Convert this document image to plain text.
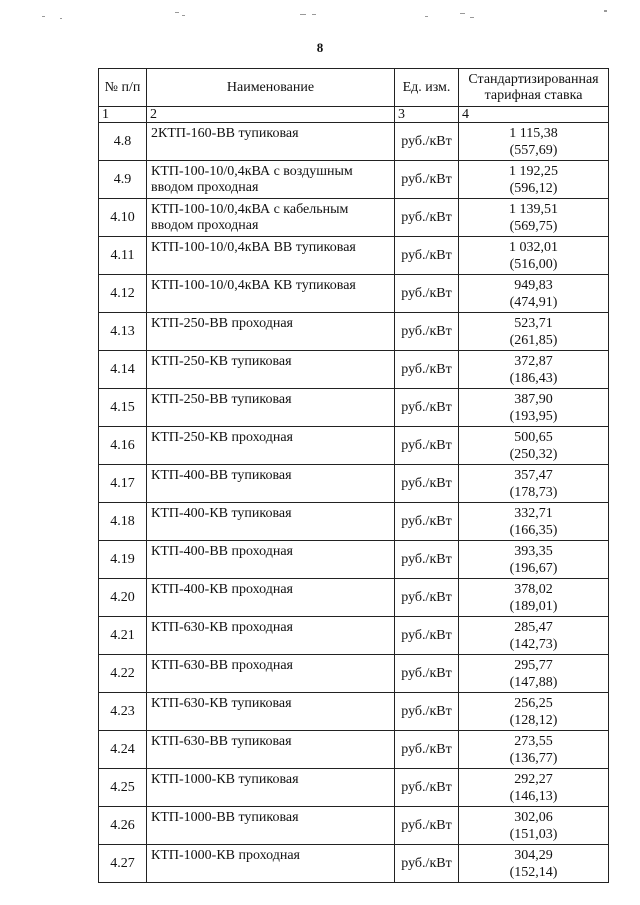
8
№ п/п	Наименование	Ед. изм.	Стандартизированная тарифная ставка
1	2	3	4
4.8	2КТП-160-ВВ тупиковая	руб./кВт	1 115,38
(557,69)

4.9	КТП-100-10/0,4кВА с воздушным вводом проходная	руб./кВт	1 192,25
(596,12)

4.10	КТП-100-10/0,4кВА с кабельным вводом проходная	руб./кВт	1 139,51
(569,75)

4.11	КТП-100-10/0,4кВА ВВ тупиковая	руб./кВт	1 032,01
(516,00)

4.12	КТП-100-10/0,4кВА КВ тупиковая	руб./кВт	949,83
(474,91)

4.13	КТП-250-ВВ проходная	руб./кВт	523,71
(261,85)

4.14	КТП-250-КВ тупиковая	руб./кВт	372,87
(186,43)

4.15	КТП-250-ВВ тупиковая	руб./кВт	387,90
(193,95)

4.16	КТП-250-КВ проходная	руб./кВт	500,65
(250,32)

4.17	КТП-400-ВВ тупиковая	руб./кВт	357,47
(178,73)

4.18	КТП-400-КВ тупиковая	руб./кВт	332,71
(166,35)

4.19	КТП-400-ВВ проходная	руб./кВт	393,35
(196,67)

4.20	КТП-400-КВ проходная	руб./кВт	378,02
(189,01)

4.21	КТП-630-КВ проходная	руб./кВт	285,47
(142,73)

4.22	КТП-630-ВВ проходная	руб./кВт	295,77
(147,88)

4.23	КТП-630-КВ тупиковая	руб./кВт	256,25
(128,12)

4.24	КТП-630-ВВ тупиковая	руб./кВт	273,55
(136,77)

4.25	КТП-1000-КВ тупиковая	руб./кВт	292,27
(146,13)

4.26	КТП-1000-ВВ тупиковая	руб./кВт	302,06
(151,03)

4.27	КТП-1000-КВ проходная	руб./кВт	304,29
(152,14)
